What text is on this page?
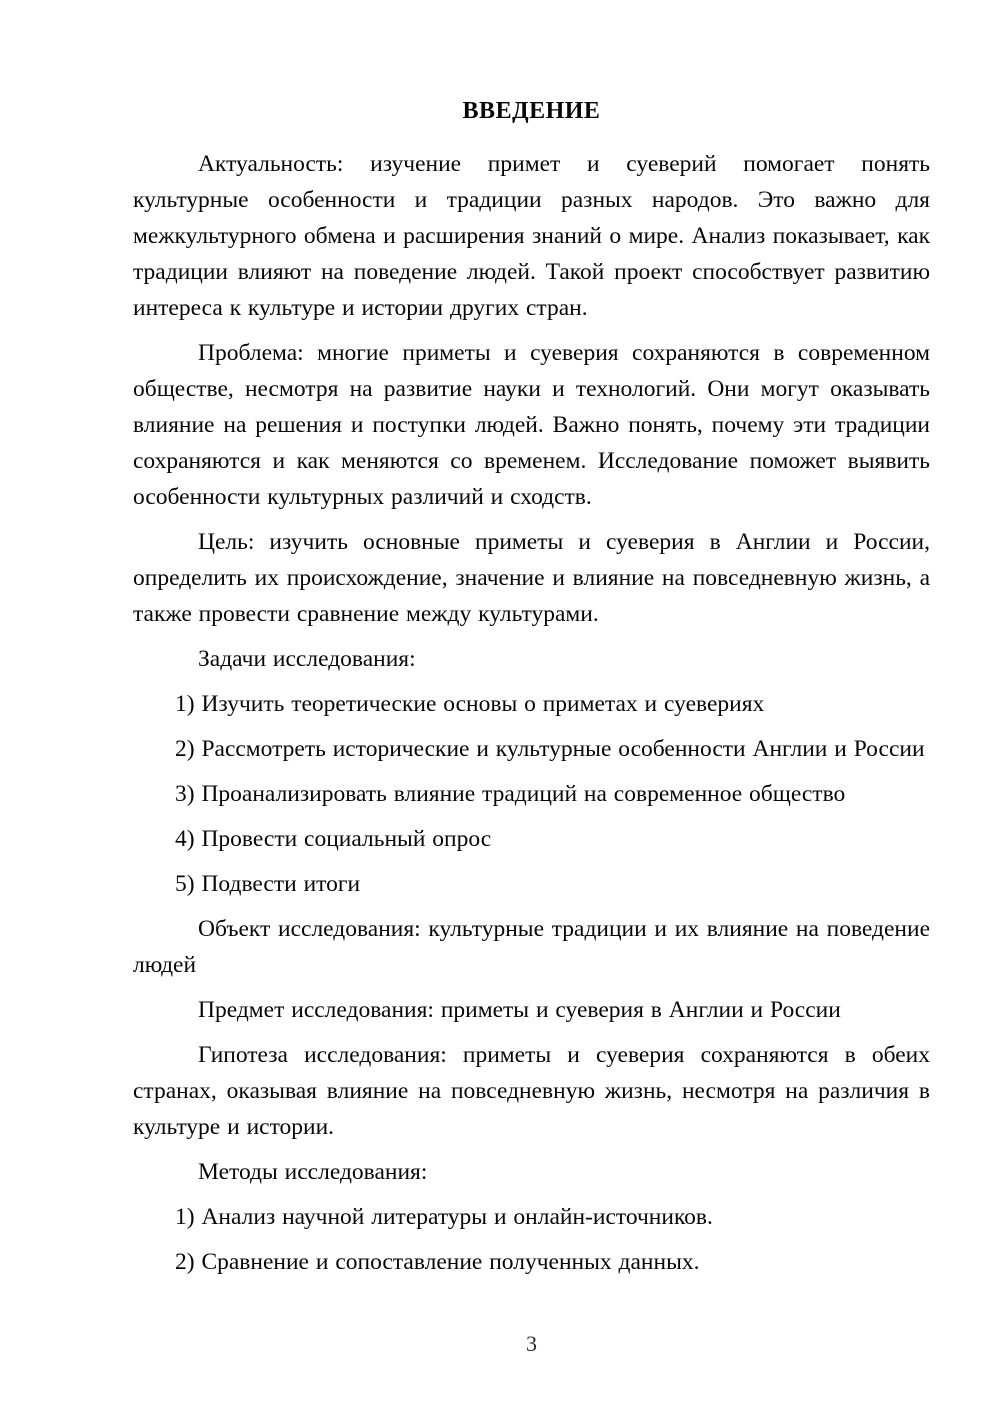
ВВЕДЕНИЕ

Актуальность: изучение примет и суеверий помогает понять культурные особенности и традиции разных народов. Это важно для межкультурного обмена и расширения знаний о мире. Анализ показывает, как традиции влияют на поведение людей. Такой проект способствует развитию интереса к культуре и истории других стран.

Проблема: многие приметы и суеверия сохраняются в современном обществе, несмотря на развитие науки и технологий. Они могут оказывать влияние на решения и поступки людей. Важно понять, почему эти традиции сохраняются и как меняются со временем. Исследование поможет выявить особенности культурных различий и сходств.

Цель: изучить основные приметы и суеверия в Англии и России, определить их происхождение, значение и влияние на повседневную жизнь, а также провести сравнение между культурами.

Задачи исследования:

1) Изучить теоретические основы о приметах и суевериях

2) Рассмотреть исторические и культурные особенности Англии и России

3) Проанализировать влияние традиций на современное общество

4) Провести социальный опрос

5) Подвести итоги

Объект исследования: культурные традиции и их влияние на поведение людей

Предмет исследования: приметы и суеверия в Англии и России

Гипотеза исследования: приметы и суеверия сохраняются в обеих странах, оказывая влияние на повседневную жизнь, несмотря на различия в культуре и истории.

Методы исследования:

1) Анализ научной литературы и онлайн-источников.

2) Сравнение и сопоставление полученных данных.

3
